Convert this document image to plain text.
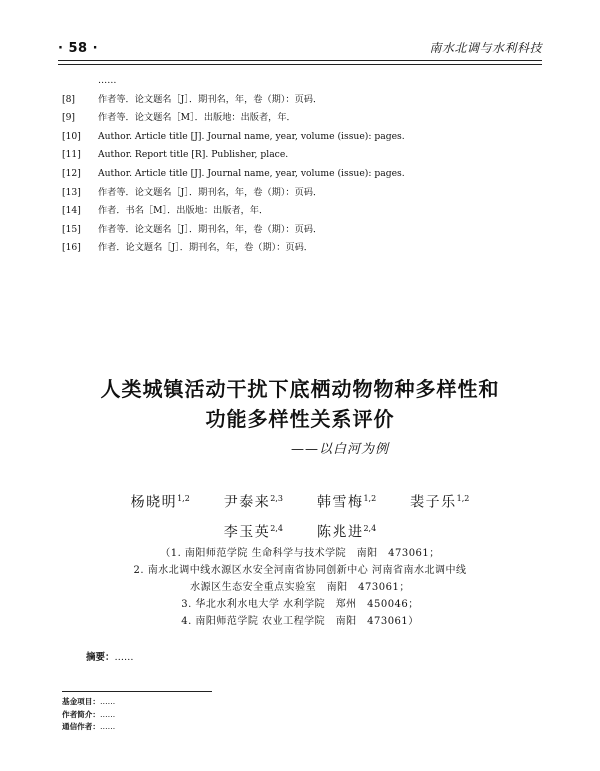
· 58 ·	南水北调与水利科技
……
[8]	作者等．论文题名［J］．期刊名，年，卷（期）：页码．
[9]	作者等．论文题名［M］．出版地：出版者，年．
[10]	Author. Article title [J]. Journal name, year, volume (issue): pages.
[11]	Author. Report title [R]. Publisher, place.
[12]	Author. Article title [J]. Journal name, year, volume (issue): pages.
[13]	作者等．论文题名［J］．期刊名，年，卷（期）：页码．
[14]	作者．书名［M］．出版地：出版者，年．
[15]	作者等．论文题名［J］．期刊名，年，卷（期）：页码．
[16]	作者．论文题名［J］．期刊名，年，卷（期）：页码．
人类城镇活动干扰下底栖动物物种多样性和
功能多样性关系评价
——以白河为例
杨晓明$^{1,2}$ 尹泰来$^{2,3}$ 韩雪梅$^{1,2}$ 裴子乐$^{1,2}$
李玉英$^{2,4}$ 陈兆进$^{2,4}$
（1. 南阳师范学院 生命科学与技术学院　南阳　473061；
2. 南水北调中线水源区水安全河南省协同创新中心 河南省南水北调中线
水源区生态安全重点实验室　南阳　473061；
3. 华北水利水电大学 水利学院　郑州　450046；
4. 南阳师范学院 农业工程学院　南阳　473061）
摘要：……
基金项目：……
作者简介：……
通信作者：……
